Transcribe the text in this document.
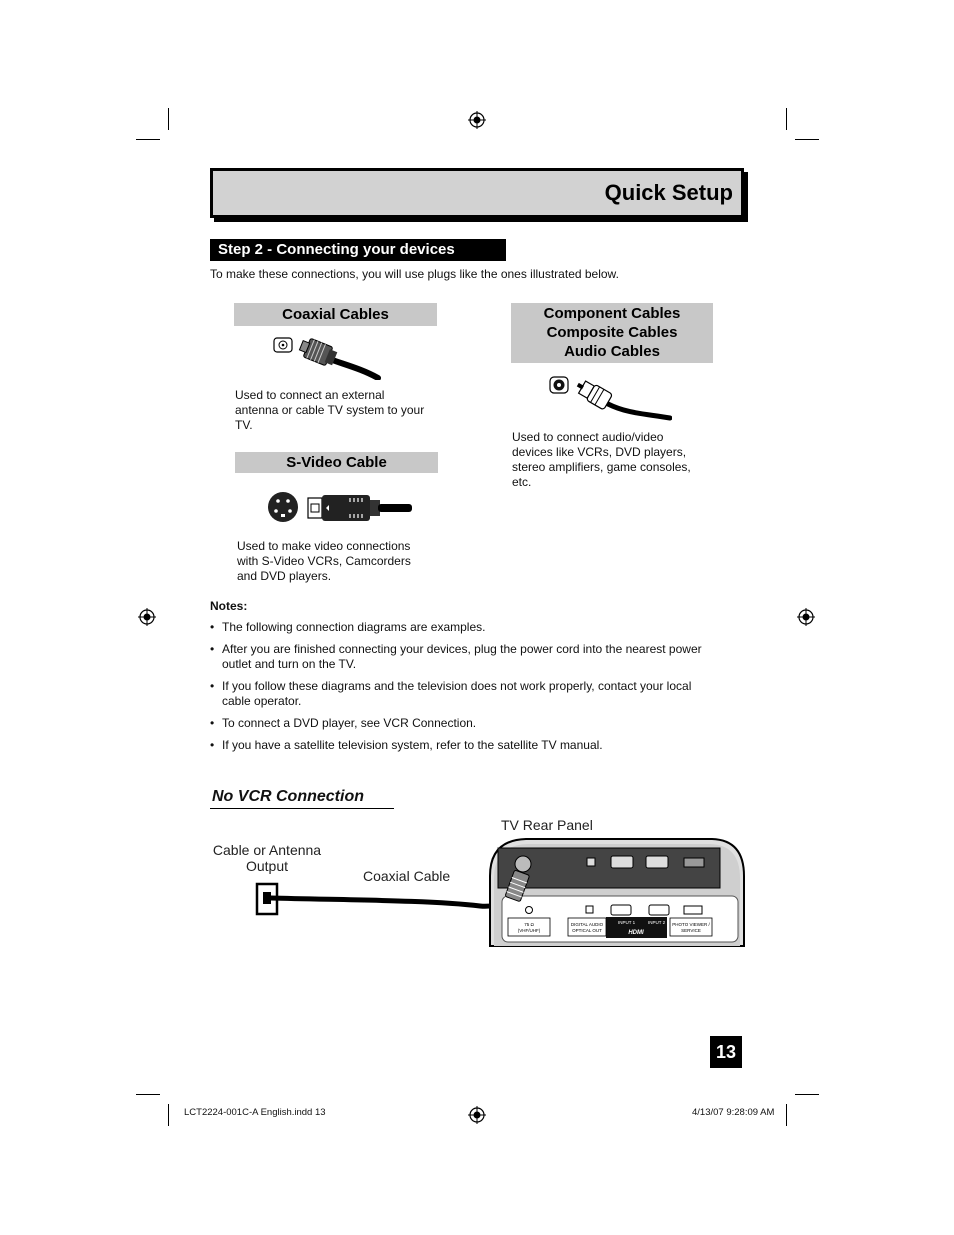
Quick Setup
Step 2 - Connecting your devices
To make these connections, you will use plugs like the ones illustrated below.
Coaxial Cables
Used to connect an external
antenna or cable TV system to your
TV.
S-Video Cable
Used to make video connections
with S-Video VCRs, Camcorders
and DVD players.
Component Cables
Composite Cables
Audio Cables
Used to connect audio/video
devices like VCRs, DVD players,
stereo amplifiers, game consoles,
etc.
Notes:
• The following connection diagrams are examples.
• After you are finished connecting your devices, plug the power cord into the nearest power
outlet and turn on the TV.
• If you follow these diagrams and the television does not work properly, contact your local
cable operator.
• To connect a DVD player, see VCR Connection.
• If you have a satellite television system, refer to the satellite TV manual.
No VCR Connection
TV Rear Panel
Cable or Antenna
Output
Coaxial Cable
75 Ω
(VHF/UHF)
DIGITAL AUDIO
OPTICAL OUT
INPUT 1	INPUT 2
HDMI
PHOTO VIEWER /
SERVICE
13
LCT2224-001C-A English.indd 13	4/13/07 9:28:09 AM
